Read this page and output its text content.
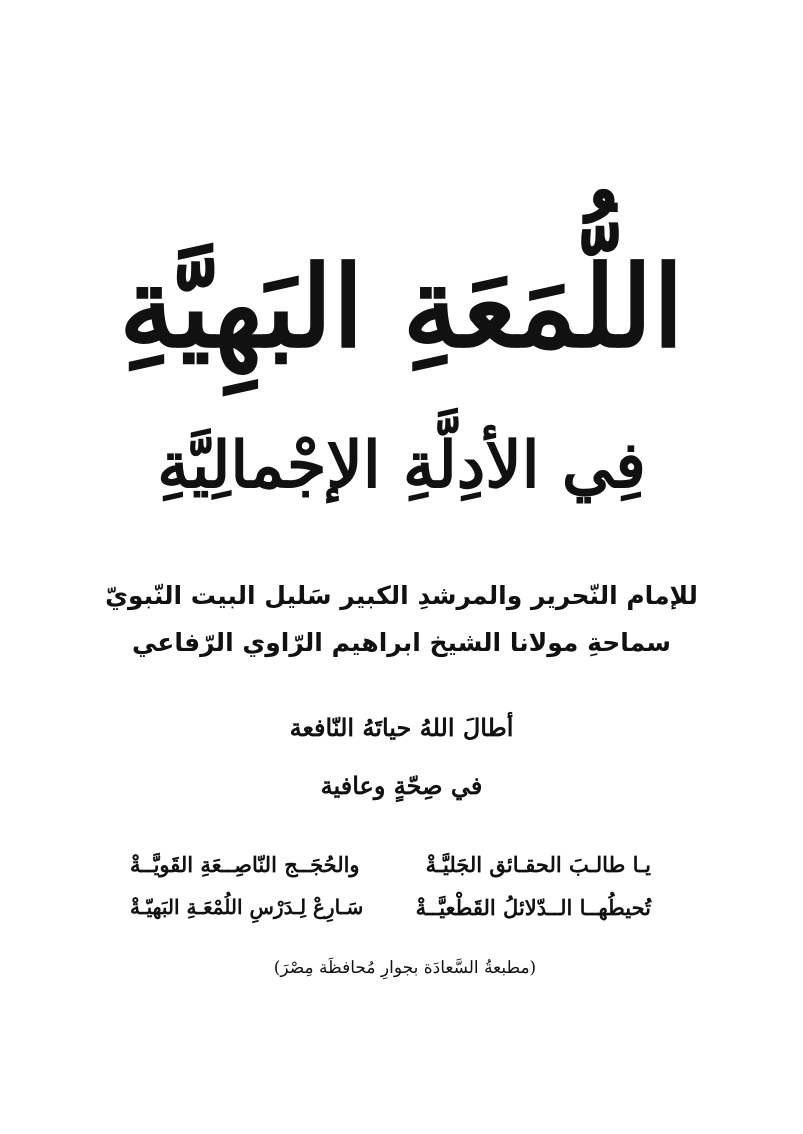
اللُّمَعَةِ البَهِيَّةِ
فِي الأدِلَّةِ الإجْمالِيَّةِ
للإمام النّحرير والمرشدِ الكبير سَليل البيت النّبويّ
سماحةِ مولانا الشيخ ابراهيم الرّاوي الرّفاعي
أطالَ اللهُ حياتَهُ النّافعة
في صِحّةٍ وعافية
يـا طالـبَ الحقـائق الجَليَّـةْ
والحُجَــج النّاصِــعَةِ القَويَّــةْ
تُحيطُهــا الــدّلائلُ القَطْعيَّــةْ
سَـارِعْ لِـدَرْسِ اللُمْعَـةِ البَهيّـةْ
(مطبعةُ السَّعادَة بجوارِ مُحافظَة مِصْرَ)
